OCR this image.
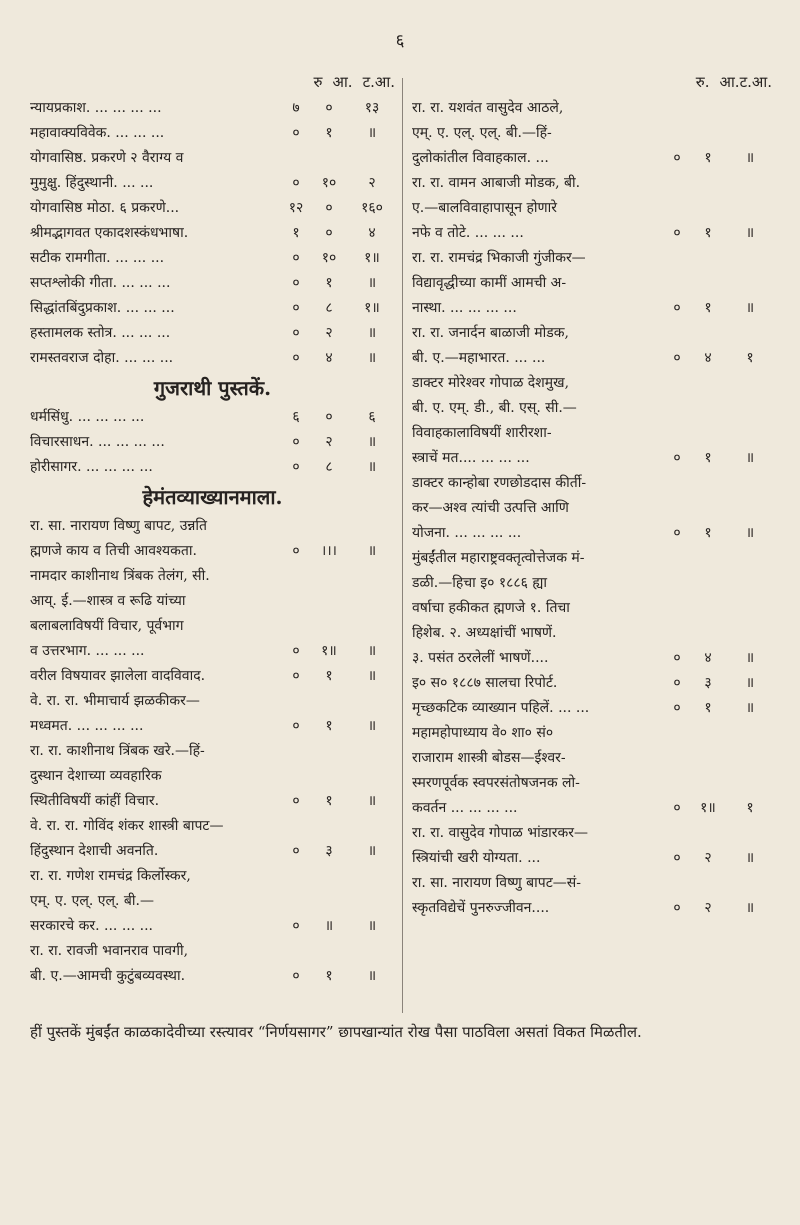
६
रु आ. ट.आ.
न्यायप्रकाश. ... ... ... ...	७	०	१३
महावाक्यविवेक. ... ... ...	०	१	॥
योगवासिष्ठ. प्रकरणे २ वैराग्य व
मुमुक्षु. हिंदुस्थानी. ... ...	०	१०	२
योगवासिष्ठ मोठा. ६ प्रकरणे...	१२	०	१६०
श्रीमद्भागवत एकादशस्कंधभाषा.	१	०	४
सटीक रामगीता. ... ... ...	०	१०	१॥
सप्तश्लोकी गीता. ... ... ...	०	१	॥
सिद्धांतबिंदुप्रकाश. ... ... ...	०	८	१॥
हस्तामलक स्तोत्र. ... ... ...	०	२	॥
रामस्तवराज दोहा. ... ... ...	०	४	॥
गुजराथी पुस्तकें.
धर्मसिंधु. ... ... ... ...	६	०	६
विचारसाधन. ... ... ... ...	०	२	॥
होरीसागर. ... ... ... ...	०	८	॥
हेमंतव्याख्यानमाला.
रा. सा. नारायण विष्णु बापट, उन्नति
ह्मणजे काय व तिची आवश्यकता.	०	।।।	॥
नामदार काशीनाथ त्रिंबक तेलंग, सी.
आय्. ई.—शास्त्र व रूढि यांच्या
बलाबलाविषयीं विचार, पूर्वभाग
व उत्तरभाग. ... ... ...	०	१॥	॥
वरील विषयावर झालेला वादविवाद.	०	१	॥
वे. रा. रा. भीमाचार्य झळकीकर—
मध्वमत. ... ... ... ...	०	१	॥
रा. रा. काशीनाथ त्रिंबक खरे.—हिं-
दुस्थान देशाच्या व्यवहारिक
स्थितीविषयीं कांहीं विचार.	०	१	॥
वे. रा. रा. गोविंद शंकर शास्त्री बापट—
हिंदुस्थान देशाची अवनति.	०	३	॥
रा. रा. गणेश रामचंद्र किर्लोस्कर,
एम्. ए. एल्. एल्. बी.—
सरकारचे कर. ... ... ...	०	॥	॥
रा. रा. रावजी भवानराव पावगी,
बी. ए.—आमची कुटुंबव्यवस्था.	०	१	॥
रु. आ.ट.आ.
रा. रा. यशवंत वासुदेव आठले,
एम्. ए. एल्. एल्. बी.—हिं-
दुलोकांतील विवाहकाल. ...	०	१	॥
रा. रा. वामन आबाजी मोडक, बी.
ए.—बालविवाहापासून होणारे
नफे व तोटे. ... ... ...	०	१	॥
रा. रा. रामचंद्र भिकाजी गुंजीकर—
विद्यावृद्धीच्या कामीं आमची अ-
नास्था. ... ... ... ...	०	१	॥
रा. रा. जनार्दन बाळाजी मोडक,
बी. ए.—महाभारत. ... ...	०	४	१
डाक्टर मोरेश्वर गोपाळ देशमुख,
बी. ए. एम्. डी., बी. एस्. सी.—
विवाहकालाविषयीं शारीरशा-
स्त्राचें मत.... ... ... ...	०	१	॥
डाक्टर कान्होबा रणछोडदास कीर्ती-
कर—अश्व त्यांची उत्पत्ति आणि
योजना. ... ... ... ...	०	१	॥
मुंबईंतील महाराष्ट्रवक्तृत्वोत्तेजक मं-
डळी.—हिचा इ० १८८६ ह्या
वर्षाचा हकीकत ह्मणजे १. तिचा
हिशेब. २. अध्यक्षांचीं भाषणें.
३. पसंत ठरलेलीं भाषणें....	०	४	॥
इ० स० १८८७ सालचा रिपोर्ट.	०	३	॥
मृच्छकटिक व्याख्यान पहिलें. ... ...	०	१	॥
महामहोपाध्याय वे० शा० सं०
राजाराम शास्त्री बोडस—ईश्वर-
स्मरणपूर्वक स्वपरसंतोषजनक लो-
कवर्तन ... ... ... ...	०	१॥	१
रा. रा. वासुदेव गोपाळ भांडारकर—
स्त्रियांची खरी योग्यता. ...	०	२	॥
रा. सा. नारायण विष्णु बापट—सं-
स्कृतविद्येचें पुनरुज्जीवन....	०	२	॥
हीं पुस्तकें मुंबईंत काळकादेवीच्या रस्त्यावर “निर्णयसागर” छापखान्यांत रोख पैसा पाठविला असतां विकत मिळतील.
